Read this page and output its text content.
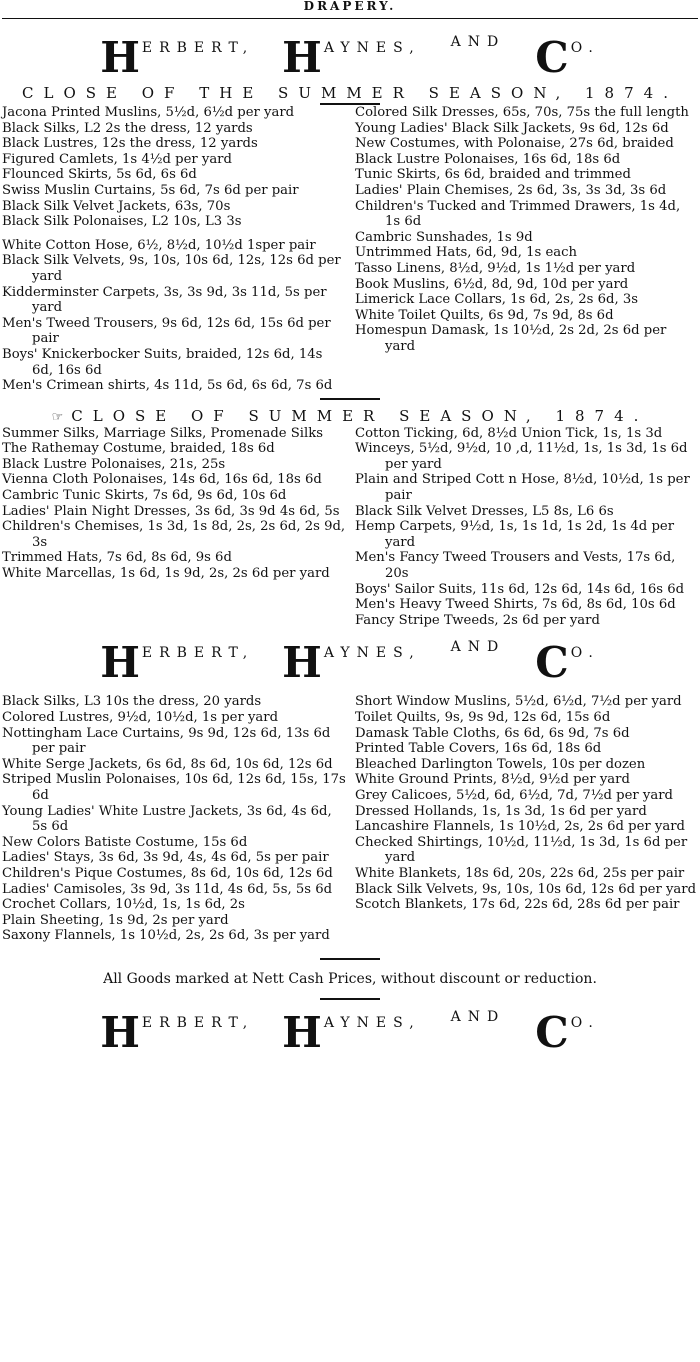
DRAPERY.
H ERBERT, H AYNES, AND C O.
CLOSE OF THE SUMMER SEASON, 1874.
Jacona Printed Muslins, 5½d, 6½d per yard
Black Silks, L2 2s the dress, 12 yards
Black Lustres, 12s the dress, 12 yards
Figured Camlets, 1s 4½d per yard
Flounced Skirts, 5s 6d, 6s 6d
Swiss Muslin Curtains, 5s 6d, 7s 6d per pair
Black Silk Velvet Jackets, 63s, 70s
Black Silk Polonaises, L2 10s, L3 3s
White Cotton Hose, 6½, 8½d, 10½d 1sper pair
Black Silk Velvets, 9s, 10s, 10s 6d, 12s, 12s 6d per yard
Kidderminster Carpets, 3s, 3s 9d, 3s 11d, 5s per yard
Men's Tweed Trousers, 9s 6d, 12s 6d, 15s 6d per pair
Boys' Knickerbocker Suits, braided, 12s 6d, 14s 6d, 16s 6d
Men's Crimean shirts, 4s 11d, 5s 6d, 6s 6d, 7s 6d
Colored Silk Dresses, 65s, 70s, 75s the full length
Young Ladies' Black Silk Jackets, 9s 6d, 12s 6d
New Costumes, with Polonaise, 27s 6d, braided
Black Lustre Polonaises, 16s 6d, 18s 6d
Tunic Skirts, 6s 6d, braided and trimmed
Ladies' Plain Chemises, 2s 6d, 3s, 3s 3d, 3s 6d
Children's Tucked and Trimmed Drawers, 1s 4d, 1s 6d
Cambric Sunshades, 1s 9d
Untrimmed Hats, 6d, 9d, 1s each
Tasso Linens, 8½d, 9½d, 1s 1½d per yard
Book Muslins, 6½d, 8d, 9d, 10d per yard
Limerick Lace Collars, 1s 6d, 2s, 2s 6d, 3s
White Toilet Quilts, 6s 9d, 7s 9d, 8s 6d
Homespun Damask, 1s 10½d, 2s 2d, 2s 6d per yard
☞ CLOSE OF SUMMER SEASON, 1874.
Summer Silks, Marriage Silks, Promenade Silks
The Rathemay Costume, braided, 18s 6d
Black Lustre Polonaises, 21s, 25s
Vienna Cloth Polonaises, 14s 6d, 16s 6d, 18s 6d
Cambric Tunic Skirts, 7s 6d, 9s 6d, 10s 6d
Ladies' Plain Night Dresses, 3s 6d, 3s 9d 4s 6d, 5s
Children's Chemises, 1s 3d, 1s 8d, 2s, 2s 6d, 2s 9d, 3s
Trimmed Hats, 7s 6d, 8s 6d, 9s 6d
White Marcellas, 1s 6d, 1s 9d, 2s, 2s 6d per yard
Cotton Ticking, 6d, 8½d Union Tick, 1s, 1s 3d
Winceys, 5½d, 9½d, 10 ,d, 11½d, 1s, 1s 3d, 1s 6d per yard
Plain and Striped Cott n Hose, 8½d, 10½d, 1s per pair
Black Silk Velvet Dresses, L5 8s, L6 6s
Hemp Carpets, 9½d, 1s, 1s 1d, 1s 2d, 1s 4d per yard
Men's Fancy Tweed Trousers and Vests, 17s 6d, 20s
Boys' Sailor Suits, 11s 6d, 12s 6d, 14s 6d, 16s 6d
Men's Heavy Tweed Shirts, 7s 6d, 8s 6d, 10s 6d
Fancy Stripe Tweeds, 2s 6d per yard
H ERBERT, H AYNES, AND C O.
Black Silks, L3 10s the dress, 20 yards
Colored Lustres, 9½d, 10½d, 1s per yard
Nottingham Lace Curtains, 9s 9d, 12s 6d, 13s 6d per pair
White Serge Jackets, 6s 6d, 8s 6d, 10s 6d, 12s 6d
Striped Muslin Polonaises, 10s 6d, 12s 6d, 15s, 17s 6d
Young Ladies' White Lustre Jackets, 3s 6d, 4s 6d, 5s 6d
New Colors Batiste Costume, 15s 6d
Ladies' Stays, 3s 6d, 3s 9d, 4s, 4s 6d, 5s per pair
Children's Pique Costumes, 8s 6d, 10s 6d, 12s 6d
Ladies' Camisoles, 3s 9d, 3s 11d, 4s 6d, 5s, 5s 6d
Crochet Collars, 10½d, 1s, 1s 6d, 2s
Plain Sheeting, 1s 9d, 2s per yard
Saxony Flannels, 1s 10½d, 2s, 2s 6d, 3s per yard
Short Window Muslins, 5½d, 6½d, 7½d per yard
Toilet Quilts, 9s, 9s 9d, 12s 6d, 15s 6d
Damask Table Cloths, 6s 6d, 6s 9d, 7s 6d
Printed Table Covers, 16s 6d, 18s 6d
Bleached Darlington Towels, 10s per dozen
White Ground Prints, 8½d, 9½d per yard
Grey Calicoes, 5½d, 6d, 6½d, 7d, 7½d per yard
Dressed Hollands, 1s, 1s 3d, 1s 6d per yard
Lancashire Flannels, 1s 10½d, 2s, 2s 6d per yard
Checked Shirtings, 10½d, 11½d, 1s 3d, 1s 6d per yard
White Blankets, 18s 6d, 20s, 22s 6d, 25s per pair
Black Silk Velvets, 9s, 10s, 10s 6d, 12s 6d per yard
Scotch Blankets, 17s 6d, 22s 6d, 28s 6d per pair
All Goods marked at Nett Cash Prices, without discount or reduction.
H ERBERT, H AYNES, AND C O.
